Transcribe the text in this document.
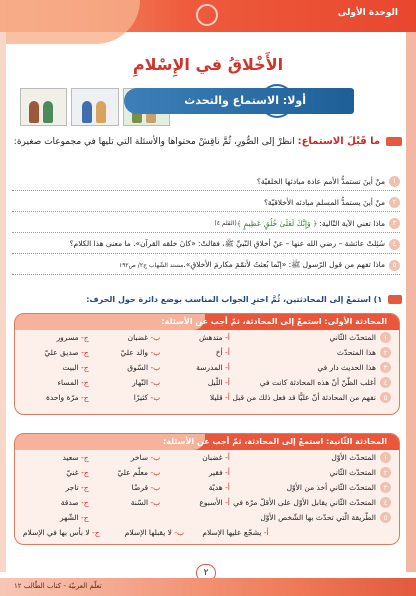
الوحدة الأولى
الأَخْلاقُ في الإِسْلامِ
أولا: الاستماع والتحدث
ما قَبْلَ الاستماع: انظرْ إلى الصُّورِ، ثُمَّ ناقِشْ محتواها والأسئلة التي تليها في مجموعات صغيرة:
١
منْ أينَ تستمدُّ الأمم عادة مبادئها الخلقيّة؟
٢
منْ أينَ يستمدُّ المسلم مبادئه الأخلاقيّة؟
٣
ماذا تعني الآية التّالية:
﴿ وَإِنَّكَ لَعَلَىٰ خُلُقٍ عَظِيمٍ ﴾
(القلم ٤)
٤
سُئِلتْ عائشة – رضي الله عنها – عنْ أخلاقِ النّبيِّ ﷺ، فقالتْ: «كانَ خلقه القرآن». ما معنى هذا الكلام؟
٥
ماذا تفهم من قول الرّسول ﷺ: «إنّما بُعثتُ لأتمّمَ مكارمَ الأخلاقِ».
مسند الشّهاب ج٢/ ص١٩٢
١) استمعْ إلى المحادثتين، ثُمَّ اخترِ الجواب المناسب بوضع دائرة حول الحرف:
المحادثة الأولى: استمعْ إلى المحادثة، ثمّ أجب عن الأسئلة:
١
المتحدّث الثّاني
أ- متدهش
ب- غضبان
ج- مسرور
٢
هذا المتحدّث
أ- أخ
ب- والد عليّ
ج- صديق عليّ
٣
هذا الحديث دار في
أ- المدرسة
ب- السّوق
ج- البيت
٤
أغلب الظّنّ أنّ هذه المحادثة كانت في
أ- اللّيل
ب- النّهار
ج- المساء
٥
نفهم من المحادثة أنّ عليًّا قد فعل ذلك من قبل
أ- قليلا
ب- كثيرًا
ج- مرّة واحدة
المحادثة الثّانية: استمعْ إلى المحادثة، ثمّ أجب عن الأسئلة:
١
المتحدّث الأوّل
أ- غضبان
ب- ساخر
ج- سعيد
٢
المتحدّث الثّاني
أ- فقير
ب- معلّم عليّ
ج- غنيّ
٣
المتحدّث الثّاني أخذ من الأوّل
أ- هديّة
ب- قرضًا
ج- تاجر
٤
المتحدّث الثّاني يقابل الأوّل على الأقلّ مرّة في
أ- الأسبوع
ب- السّنة
ج- صدقة
٥
الطّريقة الّتي تحدّث بها الشّخص الأوّل
ج- الشّهر
أ- يشجّع عليها الإسلام
ب- لا يقبلها الإسلام
ج- لا بأس بها في الإسلام
٢
تعلّم العربيّة - كتاب الطّالب ١٢
